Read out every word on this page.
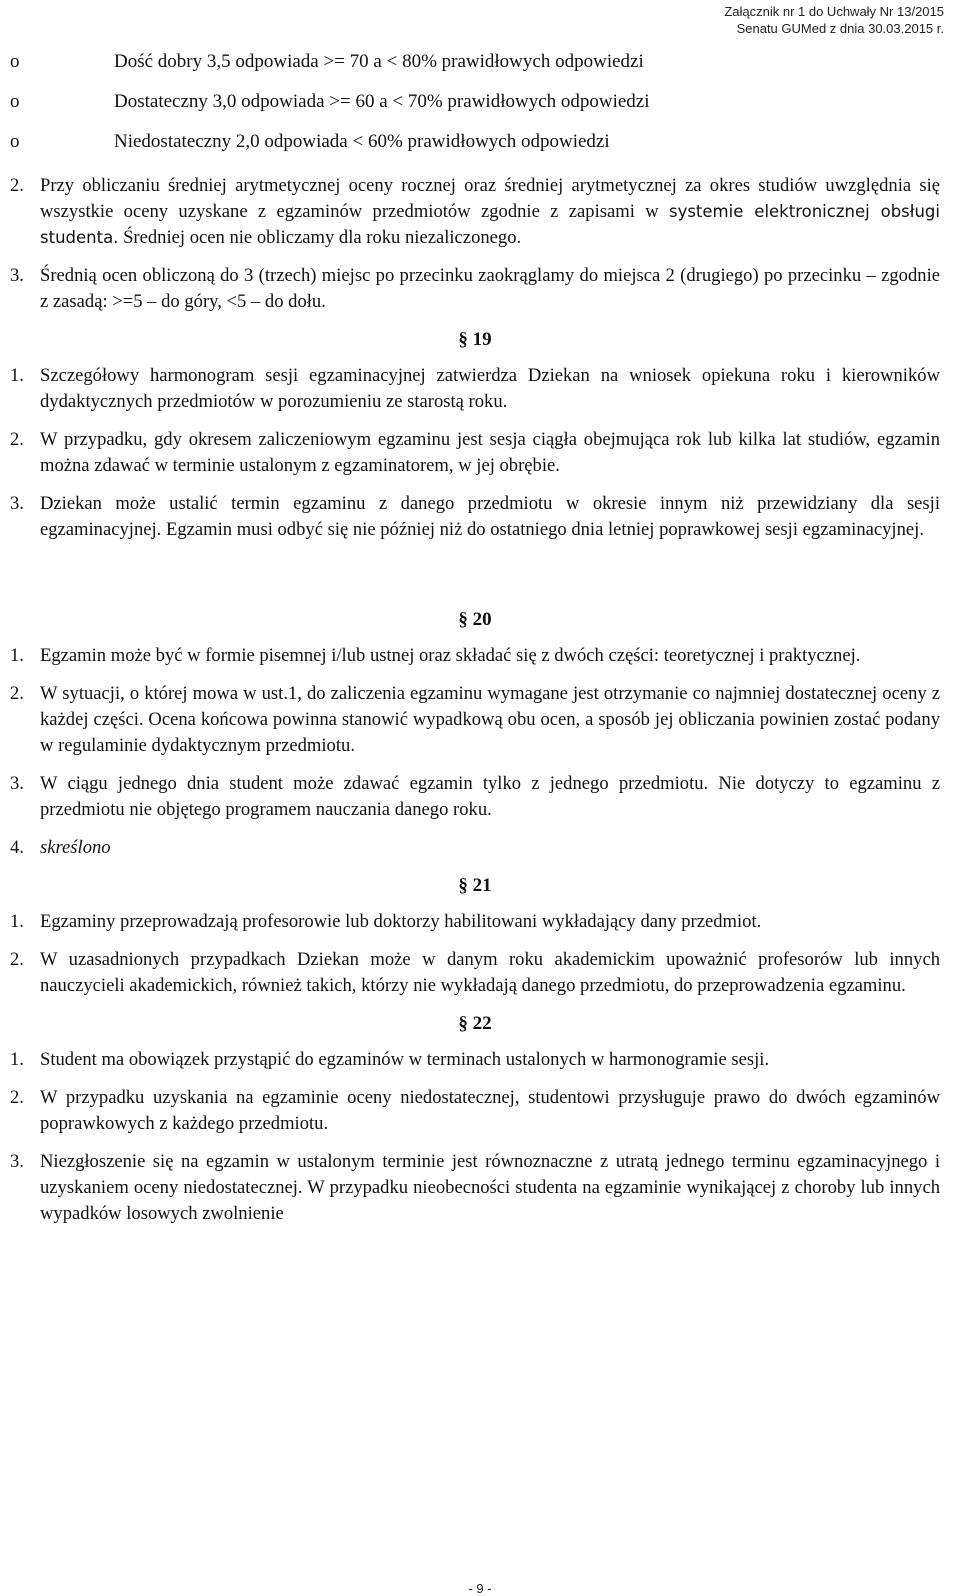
Załącznik nr 1 do Uchwały Nr 13/2015
Senatu GUMed z dnia 30.03.2015 r.
o	Dość dobry 3,5 odpowiada >= 70 a < 80% prawidłowych odpowiedzi
o	Dostateczny 3,0 odpowiada >= 60 a < 70% prawidłowych odpowiedzi
o	Niedostateczny 2,0 odpowiada < 60% prawidłowych odpowiedzi
2. Przy obliczaniu średniej arytmetycznej oceny rocznej oraz średniej arytmetycznej za okres studiów uwzględnia się wszystkie oceny uzyskane z egzaminów przedmiotów zgodnie z zapisami w systemie elektronicznej obsługi studenta. Średniej ocen nie obliczamy dla roku niezaliczonego.
3. Średnią ocen obliczoną do 3 (trzech) miejsc po przecinku zaokrąglamy do miejsca 2 (drugiego) po przecinku – zgodnie z zasadą: >=5 – do góry, <5 – do dołu.
§ 19
1. Szczegółowy harmonogram sesji egzaminacyjnej zatwierdza Dziekan na wniosek opiekuna roku i kierowników dydaktycznych przedmiotów w porozumieniu ze starostą roku.
2. W przypadku, gdy okresem zaliczeniowym egzaminu jest sesja ciągła obejmująca rok lub kilka lat studiów, egzamin można zdawać w terminie ustalonym z egzaminatorem, w jej obrębie.
3. Dziekan może ustalić termin egzaminu z danego przedmiotu w okresie innym niż przewidziany dla sesji egzaminacyjnej. Egzamin musi odbyć się nie później niż do ostatniego dnia letniej poprawkowej sesji egzaminacyjnej.
§ 20
1. Egzamin może być w formie pisemnej i/lub ustnej oraz składać się z dwóch części: teoretycznej i praktycznej.
2. W sytuacji, o której mowa w ust.1, do zaliczenia egzaminu wymagane jest otrzymanie co najmniej dostatecznej oceny z każdej części. Ocena końcowa powinna stanowić wypadkową obu ocen, a sposób jej obliczania powinien zostać podany w regulaminie dydaktycznym przedmiotu.
3. W ciągu jednego dnia student może zdawać egzamin tylko z jednego przedmiotu. Nie dotyczy to egzaminu z przedmiotu nie objętego programem nauczania danego roku.
4. skreślono
§ 21
1. Egzaminy przeprowadzają profesorowie lub doktorzy habilitowani wykładający dany przedmiot.
2. W uzasadnionych przypadkach Dziekan może w danym roku akademickim upoważnić profesorów lub innych nauczycieli akademickich, również takich, którzy nie wykładają danego przedmiotu, do przeprowadzenia egzaminu.
§ 22
1. Student ma obowiązek przystąpić do egzaminów w terminach ustalonych w harmonogramie sesji.
2. W przypadku uzyskania na egzaminie oceny niedostatecznej, studentowi przysługuje prawo do dwóch egzaminów poprawkowych z każdego przedmiotu.
3. Niezgłoszenie się na egzamin w ustalonym terminie jest równoznaczne z utratą jednego terminu egzaminacyjnego i uzyskaniem oceny niedostatecznej. W przypadku nieobecności studenta na egzaminie wynikającej z choroby lub innych wypadków losowych zwolnienie
- 9 -
